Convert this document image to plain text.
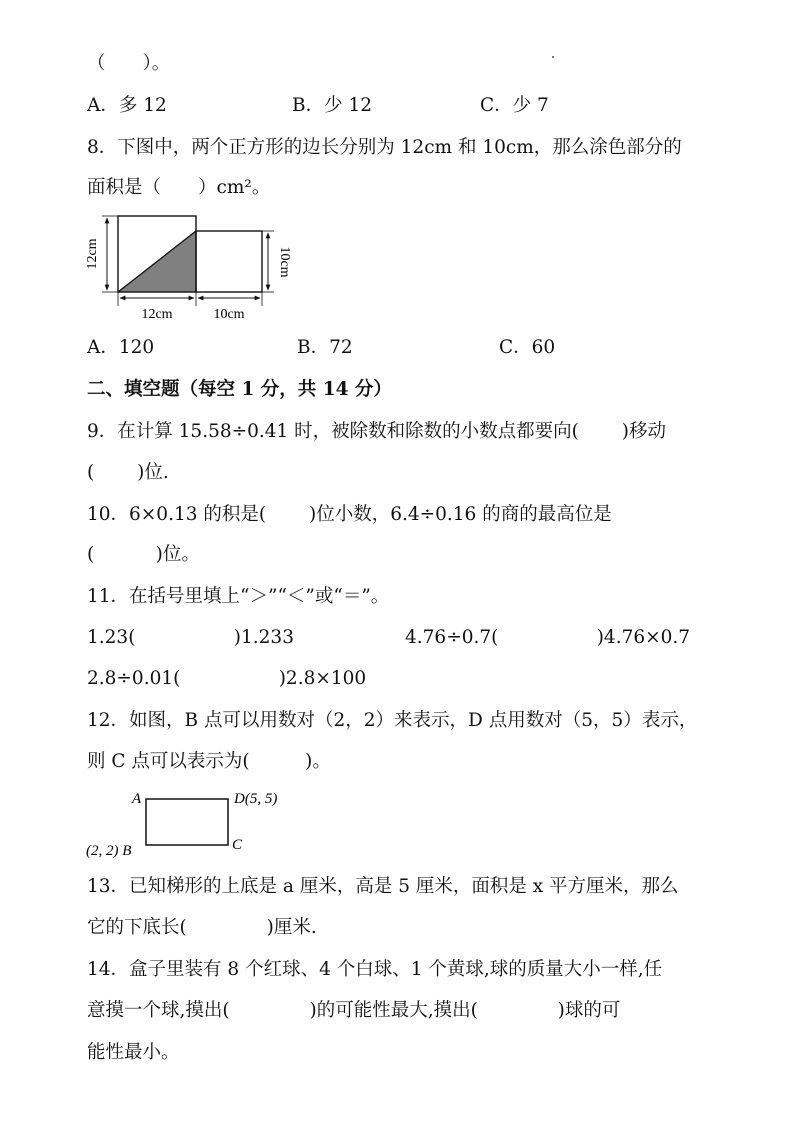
（　　）。
A．多 12	B．少 12	C．少 7
8．下图中，两个正方形的边长分别为 12cm 和 10cm，那么涂色部分的
面积是（　　）cm²。
12cm	10cm
12cm	10cm
A．120	B．72	C．60
二、填空题（每空 1 分，共 14 分）
9．在计算 15.58÷0.41 时，被除数和除数的小数点都要向(　　 )移动
(　　 )位.
10．6×0.13 的积是(　　 )位小数，6.4÷0.16 的商的最高位是
(　　　 )位。
11．在括号里填上“＞”“＜”或“＝”。
1.23(　　　　　 )1.233	4.76÷0.7(　　　　　 )4.76×0.7
2.8÷0.01(　　　　　 )2.8×100
12．如图，B 点可以用数对（2，2）来表示，D 点用数对（5，5）表示，
则 C 点可以表示为(　　　)。
A	D(5, 5)
(2, 2) B	C
13．已知梯形的上底是 a 厘米，高是 5 厘米，面积是 x 平方厘米，那么
它的下底长(　　　　 )厘米.
14．盒子里装有 8 个红球、4 个白球、1 个黄球,球的质量大小一样,任
意摸一个球,摸出(　　　　 )的可能性最大,摸出(　　　　 )球的可
能性最小。
